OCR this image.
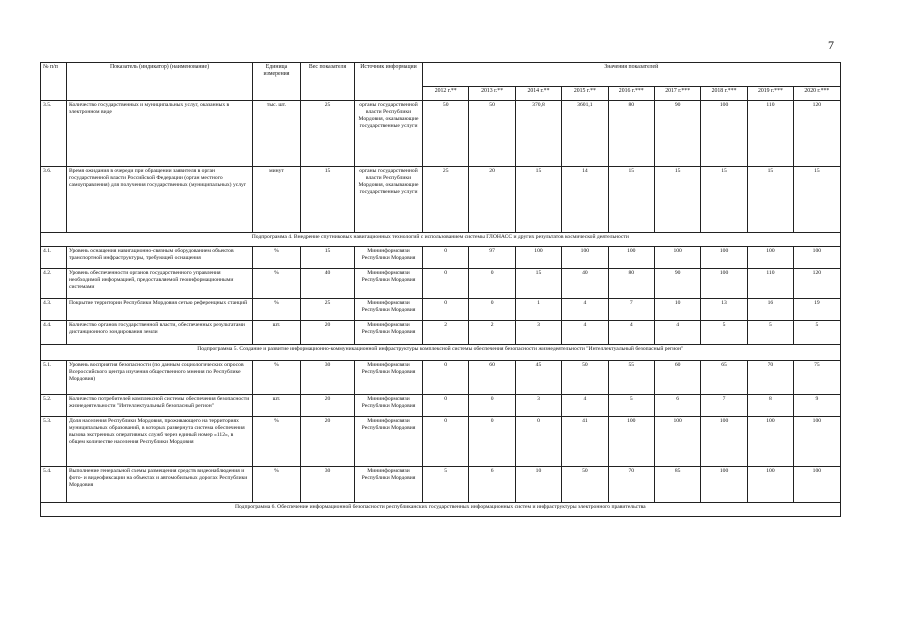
7
№ п/п	Показатель (индикатор) (наименование)	Единица измерения	Вес показателя	Источник информации	Значения показателей								
					2012 г.**	2013 г.**	2014 г.**	2015 г.**	2016 г.***	2017 г.***	2018 г.***	2019 г.***	2020 г.***
3.5.	Количество государственных и муниципальных услуг, оказанных в электронном виде	тыс. шт.	25	органы государственной власти Республики Мордовия, оказывающие государственные услуги	50	50	370,8	3601,1	80	90	100	110	120
3.6.	Время ожидания в очереди при обращении заявителя в орган государственной власти Российской Федерации (орган местного самоуправления) для получения государственных (муниципальных) услуг	минут	15	органы государственной власти Республики Мордовия, оказывающие государственные услуги	25	20	15	14	15	15	15	15	15
Подпрограмма 4. Внедрение спутниковых навигационных технологий с использованием системы ГЛОНАСС и других результатов космической деятельности													
4.1.	Уровень оснащения навигационно-связным оборудованием объектов транспортной инфраструктуры, требующей оснащения	%	15	Мининформсвязи Республики Мордовия	0	97	100	100	100	100	100	100	100
4.2.	Уровень обеспеченности органов государственного управления необходимой информацией, предоставляемой геоинформационными системами	%	40	Мининформсвязи Республики Мордовия	0	0	15	40	80	90	100	110	120
4.3.	Покрытие территории Республики Мордовия сетью референцных станций	%	25	Мининформсвязи Республики Мордовия	0	0	1	4	7	10	13	16	19
4.4.	Количество органов государственной власти, обеспеченных результатами дистанционного зондирования земли	шт.	20	Мининформсвязи Республики Мордовия	2	2	3	4	4	4	5	5	5
Подпрограмма 5. Создание и развитие информационно-коммуникационной инфраструктуры комплексной системы обеспечения безопасности жизнедеятельности "Интеллектуальный безопасный регион"													
5.1.	Уровень восприятия безопасности (по данным социологических опросов Всероссийского центра изучения общественного мнения по Республике Мордовия)	%	30	Мининформсвязи Республики Мордовия	0	60	45	50	55	60	65	70	75
5.2.	Количество потребителей комплексной системы обеспечения безопасности жизнедеятельности "Интеллектуальный безопасный регион"	шт.	20	Мининформсвязи Республики Мордовия	0	0	3	4	5	6	7	8	9
5.3.	Доля населения Республики Мордовия, проживающего на территориях муниципальных образований, в которых развернута система обеспечения вызова экстренных оперативных служб через единый номер «112», в общем количестве населения Республики Мордовия	%	20	Мининформсвязи Республики Мордовия	0	0	0	41	100	100	100	100	100
5.4.	Выполнение генеральной схемы размещения средств видеонаблюдения и фото- и видеофиксации на объектах и автомобильных дорогах Республики Мордовия	%	30	Мининформсвязи Республики Мордовия	5	6	10	50	70	85	100	100	100
Подпрограмма 6. Обеспечение информационной безопасности республиканских государственных информационных систем и инфраструктуры электронного правительства													
